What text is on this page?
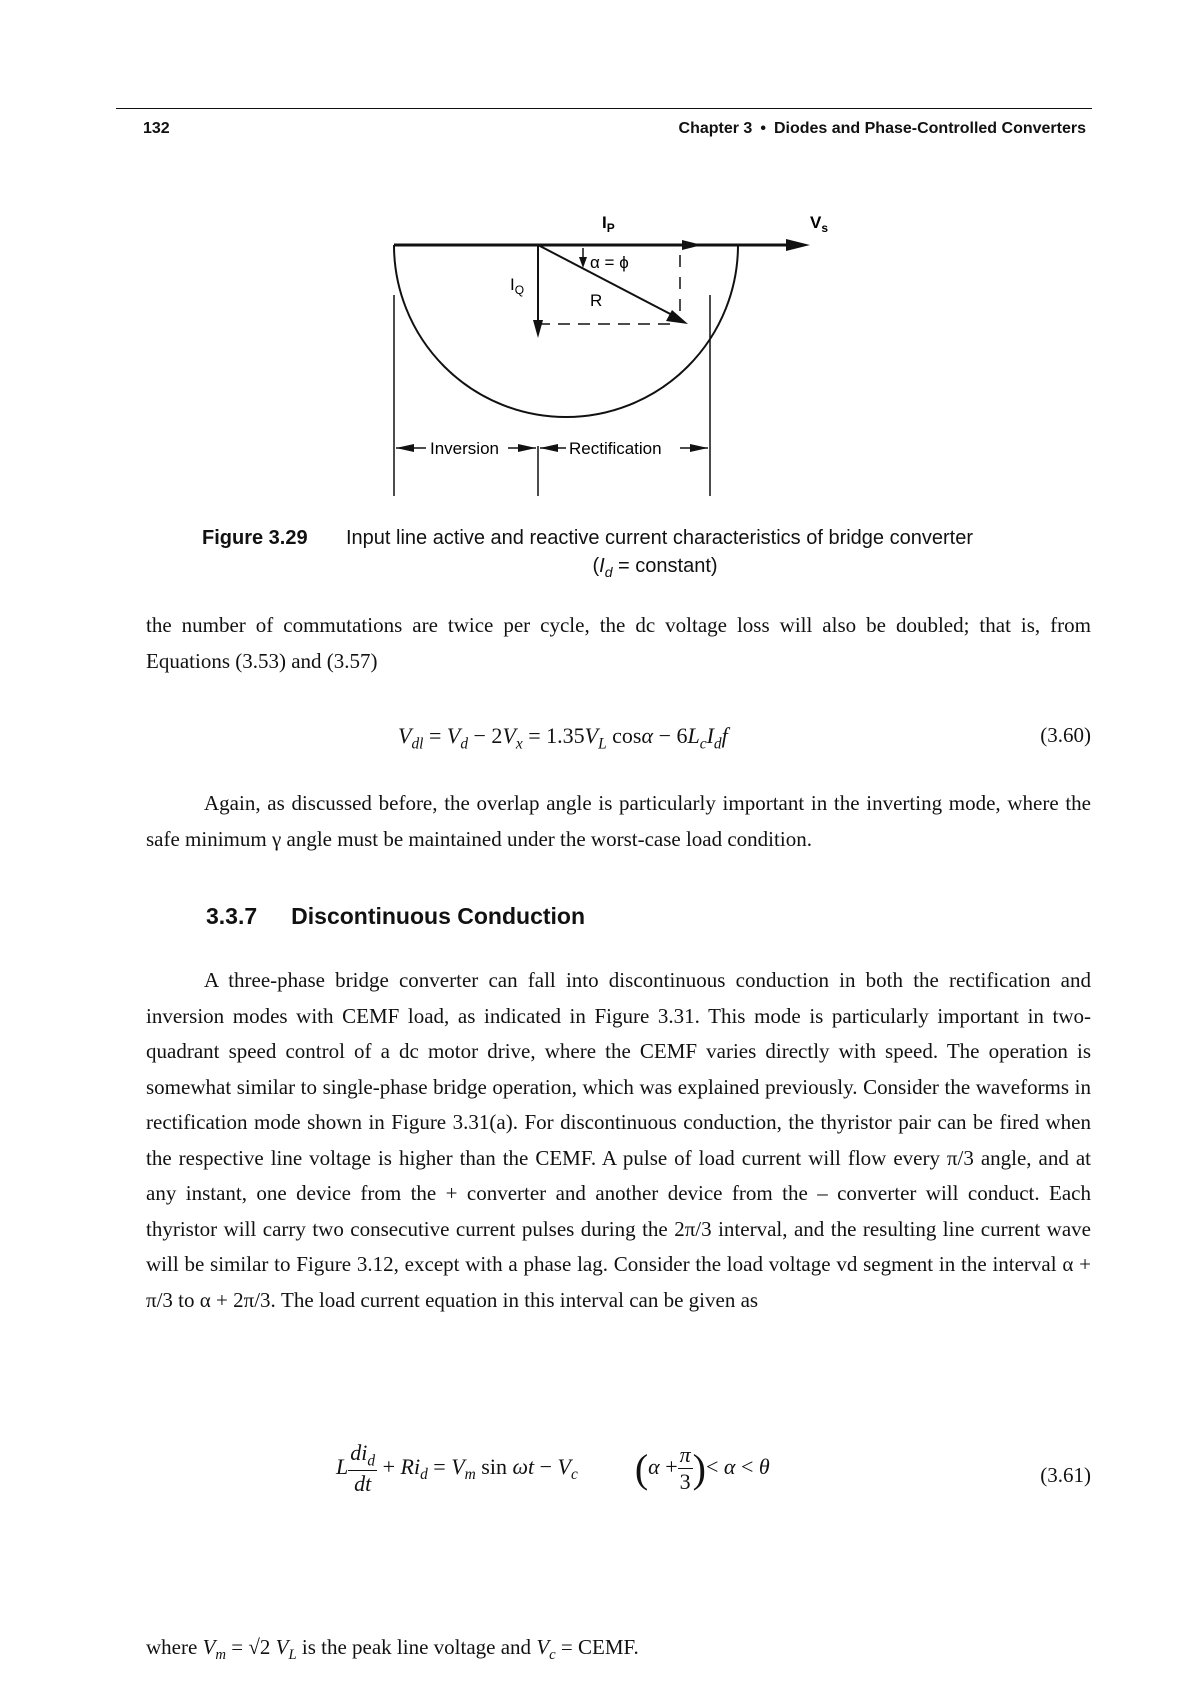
132	Chapter 3 • Diodes and Phase-Controlled Converters
$V_s$
$I_P$
$I_Q$
R
α = ϕ
Inversion	Rectification
Figure 3.29 Input line active and reactive current characteristics of bridge converter
($I_d$ = constant)
the number of commutations are twice per cycle, the dc voltage loss will also be doubled; that is, from Equations (3.53) and (3.57)
$V_{dl} = V_d - 2V_x = 1.35V_L$ $\cos\alpha - 6L_cI_df$	(3.60)
Again, as discussed before, the overlap angle is particularly important in the inverting mode, where the safe minimum γ angle must be maintained under the worst-case load condition.
3.3.7 Discontinuous Conduction
A three-phase bridge converter can fall into discontinuous conduction in both the rectification and inversion modes with CEMF load, as indicated in Figure 3.31. This mode is particularly important in two-quadrant speed control of a dc motor drive, where the CEMF varies directly with speed. The operation is somewhat similar to single-phase bridge operation, which was explained previously. Consider the waveforms in rectification mode shown in Figure 3.31(a). For discontinuous conduction, the thyristor pair can be fired when the respective line voltage is higher than the CEMF. A pulse of load current will flow every π/3 angle, and at any instant, one device from the + converter and another device from the – converter will conduct. Each thyristor will carry two consecutive current pulses during the 2π/3 interval, and the resulting line current wave will be similar to Figure 3.12, except with a phase lag. Consider the load voltage vd segment in the interval α + π/3 to α + 2π/3. The load current equation in this interval can be given as
L $\frac{di_d}{dt} + Ri_d = V_m$ $\sin \omega t - V_c$ ($\alpha + \frac{\pi}{3}$ )< α < θ	(3.61)
where $V_m = √2$ $V_L$ is the peak line voltage and $V_c$ = CEMF.
